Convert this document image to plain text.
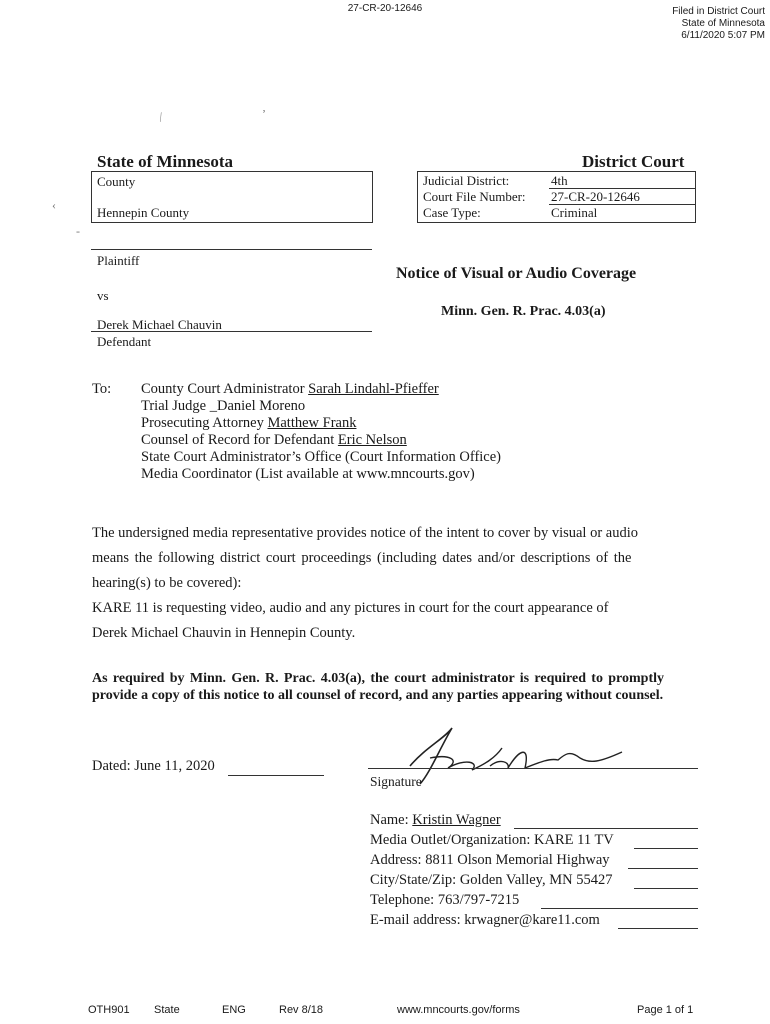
27-CR-20-12646	Filed in District Court
State of Minnesota
6/11/2020 5:07 PM
⁄
‚
State of Minnesota	District Court
County
Hennepin County
Judicial District:	4th
Court File Number: 27-CR-20-12646
Case Type:	Criminal
‹
-
Plaintiff
vs
Derek Michael Chauvin
Defendant
Notice of Visual or Audio Coverage
Minn. Gen. R. Prac. 4.03(a)
To: County Court Administrator Sarah Lindahl-Pfieffer
Trial Judge _Daniel Moreno
Prosecuting Attorney Matthew Frank
Counsel of Record for Defendant Eric Nelson
State Court Administrator’s Office (Court Information Office)
Media Coordinator (List available at www.mncourts.gov)
The undersigned media representative provides notice of the intent to cover by visual or audio
means the following district court proceedings (including dates and/or descriptions of the
hearing(s) to be covered):
KARE 11 is requesting video, audio and any pictures in court for the court appearance of
Derek Michael Chauvin in Hennepin County.
As required by Minn. Gen. R. Prac. 4.03(a), the court administrator is required to promptly provide a copy of this notice to all counsel of record, and any parties appearing without counsel.
Dated: June 11, 2020
Signature
Name: Kristin Wagner
Media Outlet/Organization: KARE 11 TV
Address: 8811 Olson Memorial Highway
City/State/Zip: Golden Valley, MN 55427
Telephone: 763/797-7215
E-mail address: krwagner@kare11.com
OTH901 State	ENG	Rev 8/18	www.mncourts.gov/forms	Page 1 of 1
